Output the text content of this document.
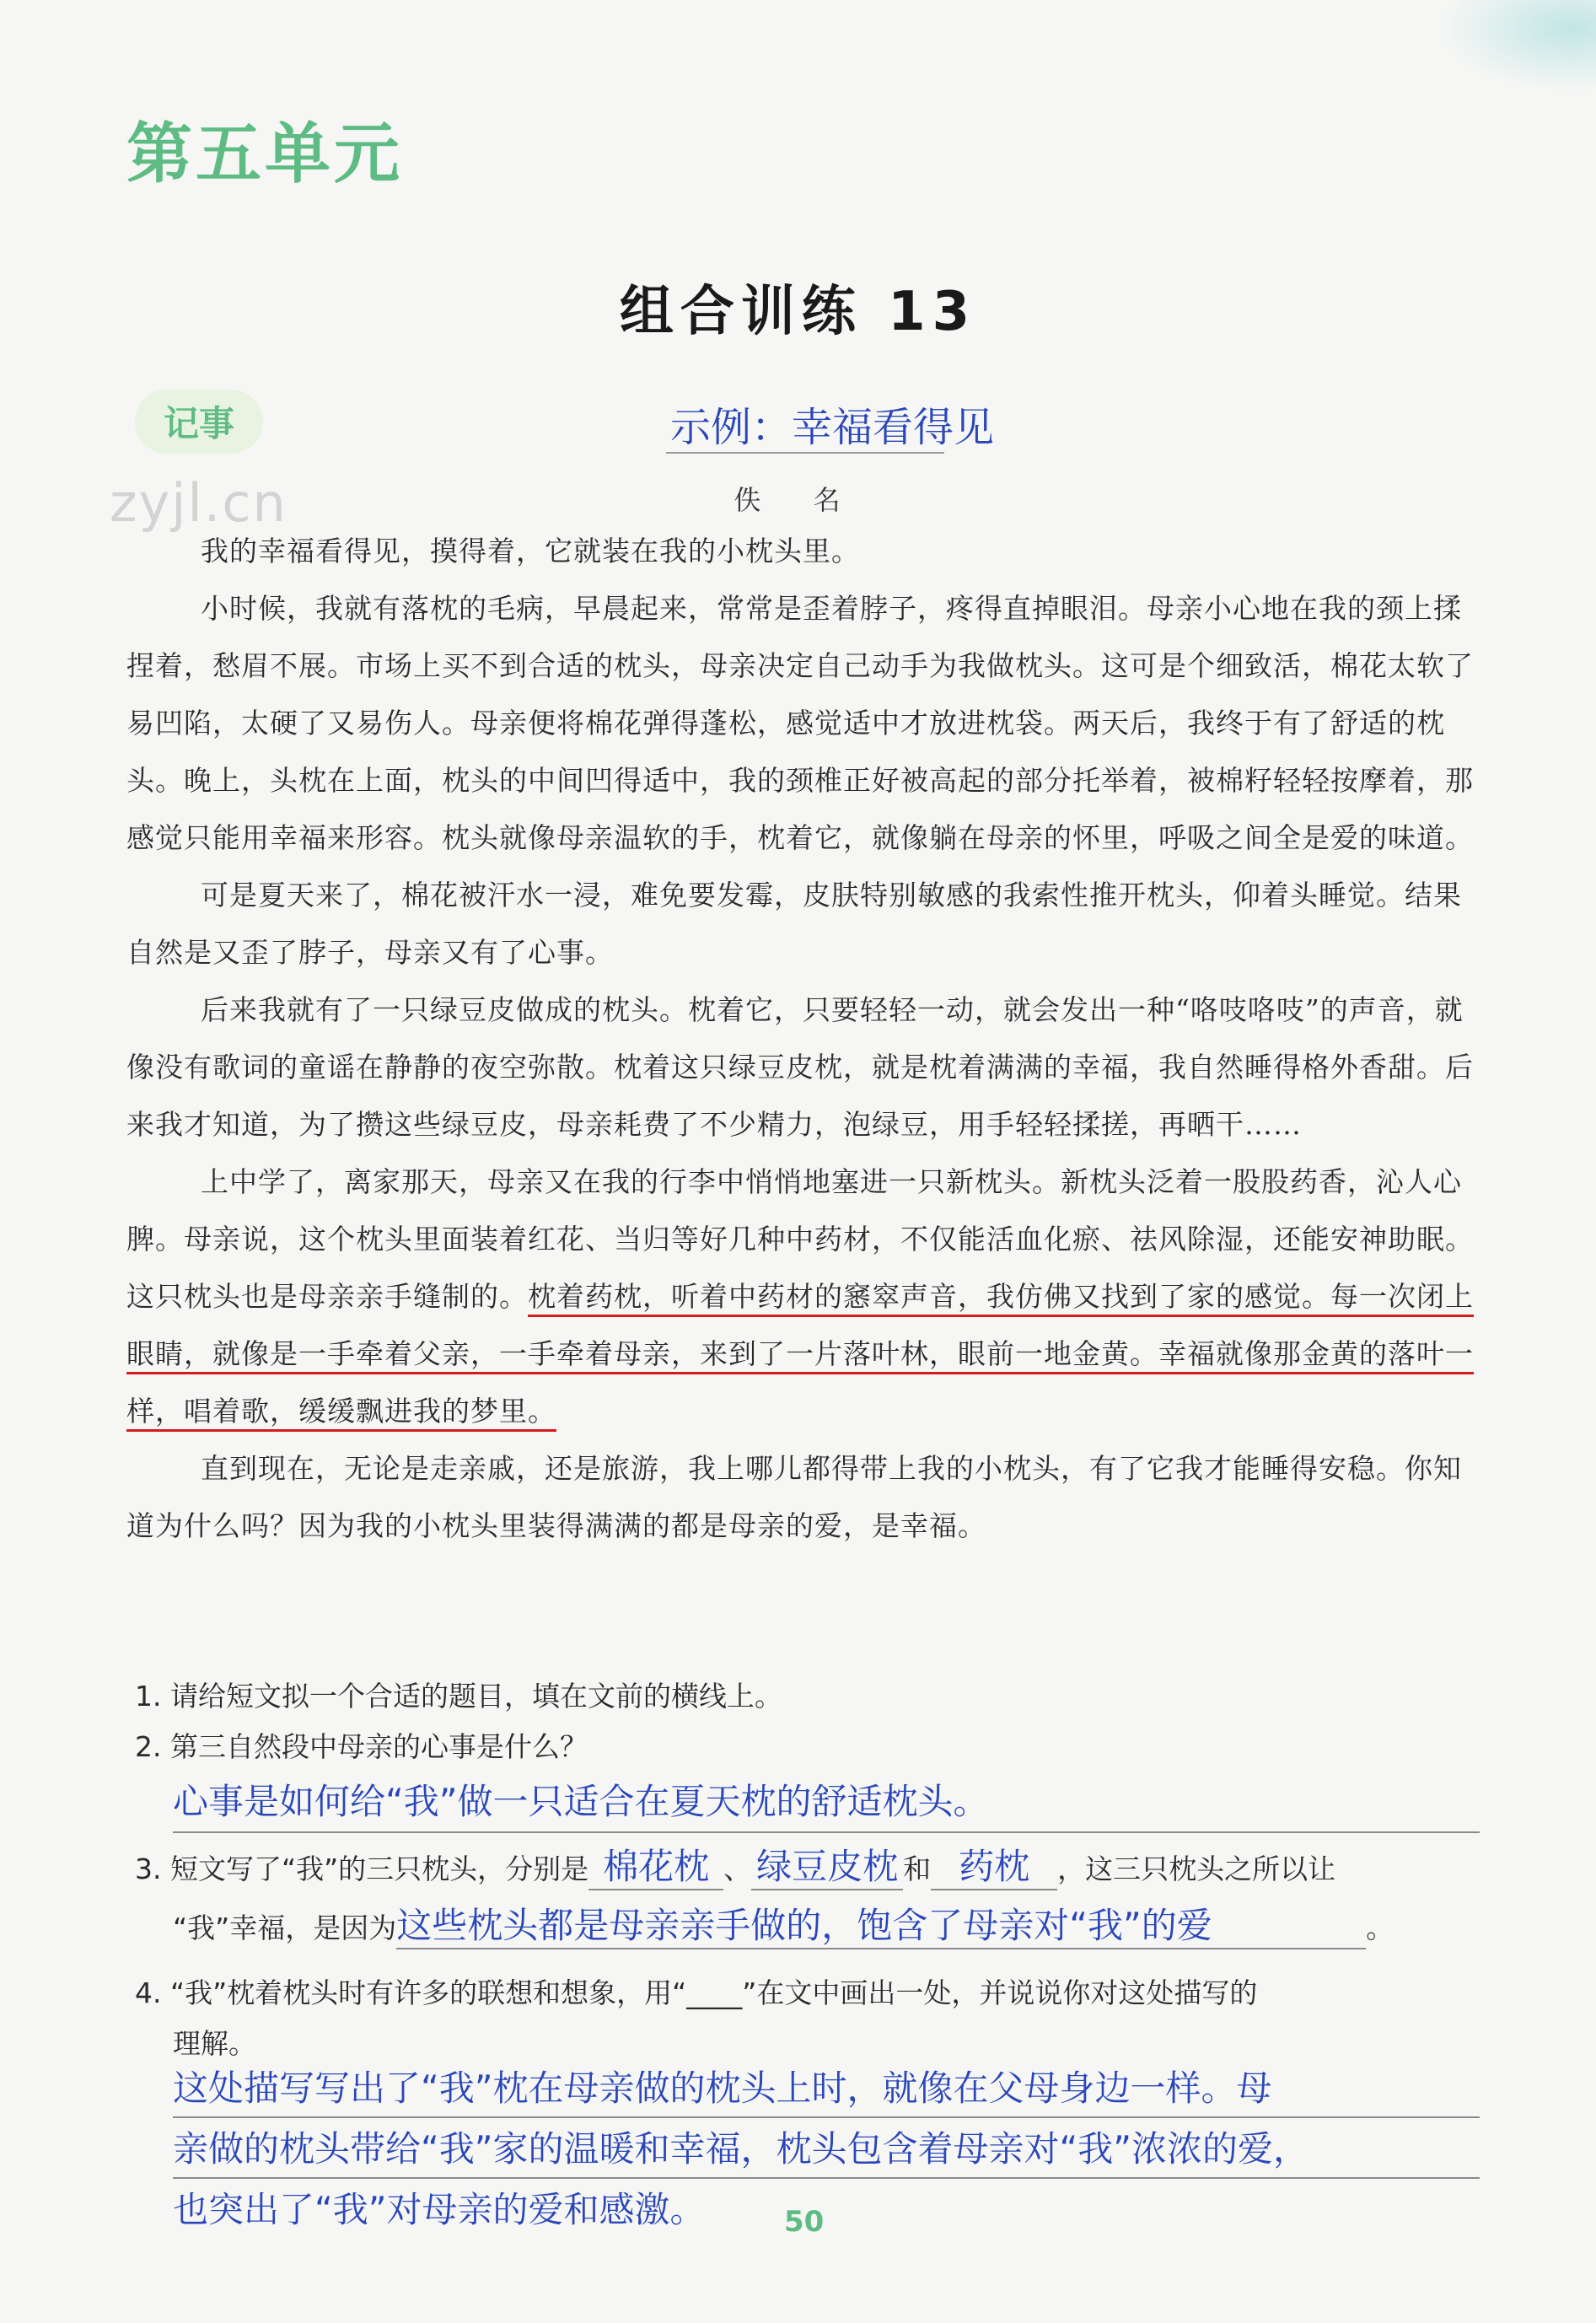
第五单元
组合训练 13
记事
zyjl.cn
示例：幸福看得见
佚 名

我的幸福看得见，摸得着，它就装在我的小枕头里。

小时候，我就有落枕的毛病，早晨起来，常常是歪着脖子，疼得直掉眼泪。母亲小心地在我的颈上揉捏着，愁眉不展。市场上买不到合适的枕头，母亲决定自己动手为我做枕头。这可是个细致活，棉花太软了易凹陷，太硬了又易伤人。母亲便将棉花弹得蓬松，感觉适中才放进枕袋。两天后，我终于有了舒适的枕头。晚上，头枕在上面，枕头的中间凹得适中，我的颈椎正好被高起的部分托举着，被棉籽轻轻按摩着，那感觉只能用幸福来形容。枕头就像母亲温软的手，枕着它，就像躺在母亲的怀里，呼吸之间全是爱的味道。

可是夏天来了，棉花被汗水一浸，难免要发霉，皮肤特别敏感的我索性推开枕头，仰着头睡觉。结果自然是又歪了脖子，母亲又有了心事。

后来我就有了一只绿豆皮做成的枕头。枕着它，只要轻轻一动，就会发出一种“咯吱咯吱”的声音，就像没有歌词的童谣在静静的夜空弥散。枕着这只绿豆皮枕，就是枕着满满的幸福，我自然睡得格外香甜。后来我才知道，为了攒这些绿豆皮，母亲耗费了不少精力，泡绿豆，用手轻轻揉搓，再晒干……

上中学了，离家那天，母亲又在我的行李中悄悄地塞进一只新枕头。新枕头泛着一股股药香，沁人心脾。母亲说，这个枕头里面装着红花、当归等好几种中药材，不仅能活血化瘀、祛风除湿，还能安神助眠。这只枕头也是母亲亲手缝制的。枕着药枕，听着中药材的窸窣声音，我仿佛又找到了家的感觉。每一次闭上眼睛，就像是一手牵着父亲，一手牵着母亲，来到了一片落叶林，眼前一地金黄。幸福就像那金黄的落叶一样，唱着歌，缓缓飘进我的梦里。

直到现在，无论是走亲戚，还是旅游，我上哪儿都得带上我的小枕头，有了它我才能睡得安稳。你知道为什么吗？因为我的小枕头里装得满满的都是母亲的爱，是幸福。

1. 请给短文拟一个合适的题目，填在文前的横线上。
2. 第三自然段中母亲的心事是什么？
心事是如何给“我”做一只适合在夏天枕的舒适枕头。
3. 短文写了“我”的三只枕头，分别是 棉花枕 、 绿豆皮枕 和 药枕 ，这三只枕头之所以让
“我”幸福，是因为这些枕头都是母亲亲手做的，饱含了母亲对“我”的爱	。
4. “我”枕着枕头时有许多的联想和想象，用“____”在文中画出一处，并说说你对这处描写的
理解。
这处描写写出了“我”枕在母亲做的枕头上时，就像在父母身边一样。母
亲做的枕头带给“我”家的温暖和幸福，枕头包含着母亲对“我”浓浓的爱，
也突出了“我”对母亲的爱和感激。	50
